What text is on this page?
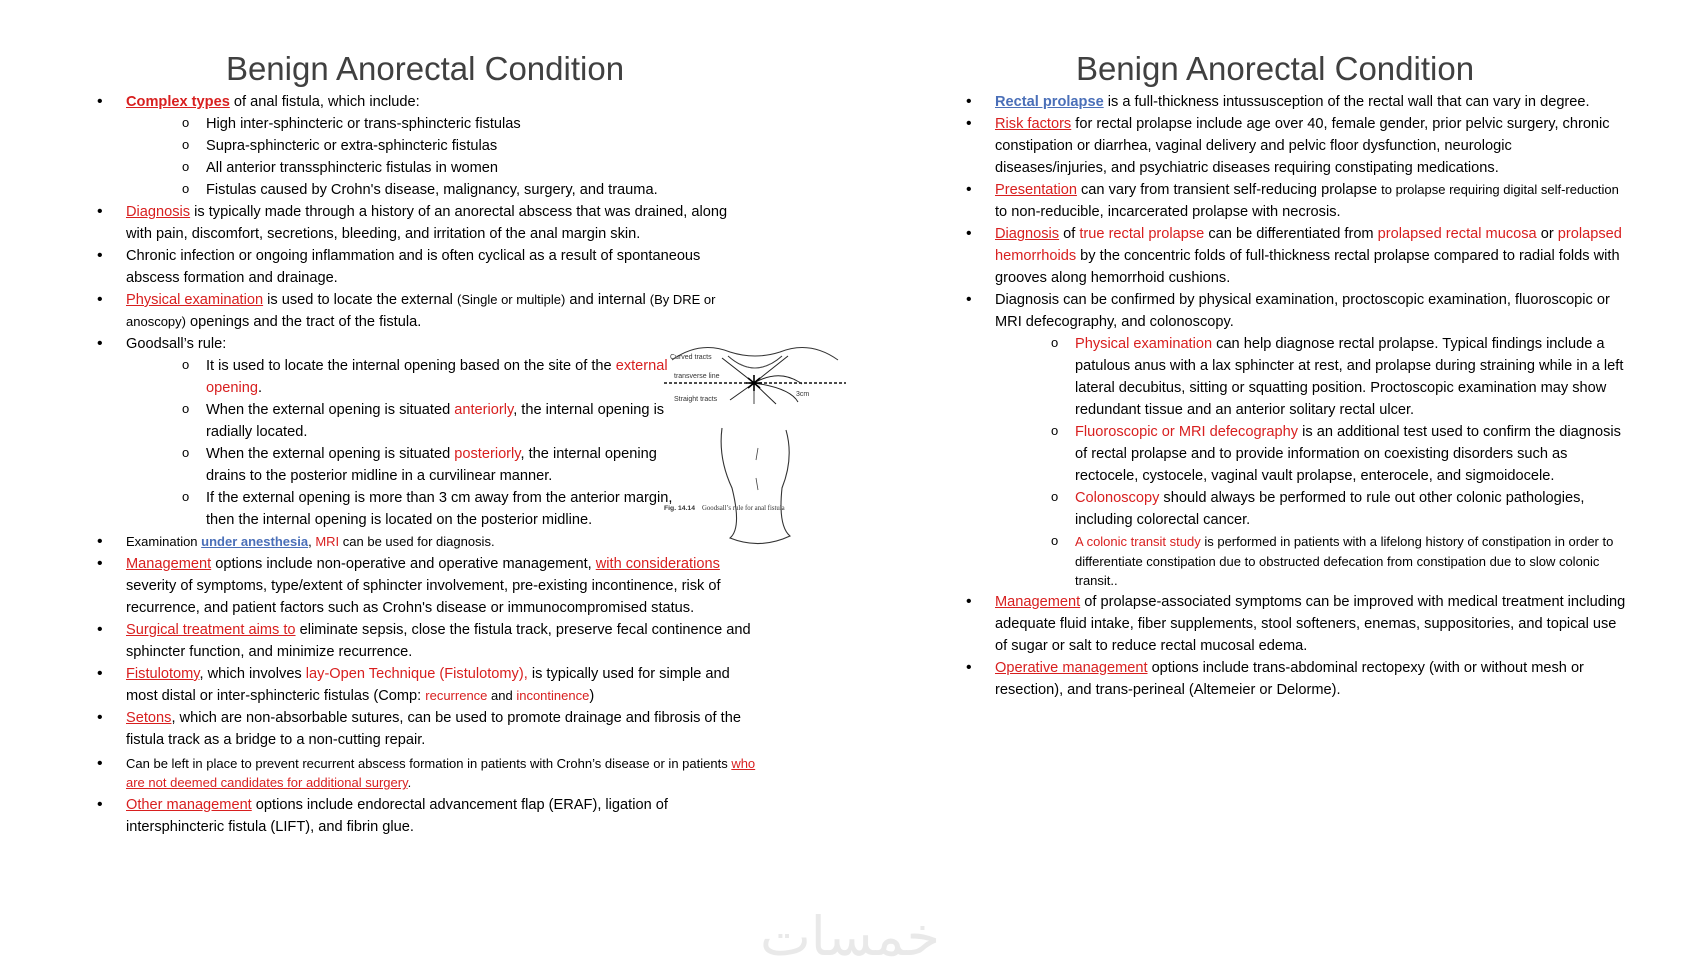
Benign Anorectal Condition
• Complex types of anal fistula, which include:
o High inter-sphincteric or trans-sphincteric fistulas
o Supra-sphincteric or extra-sphincteric fistulas
o All anterior transsphincteric fistulas in women
o Fistulas caused by Crohn's disease, malignancy, surgery, and trauma.
• Diagnosis is typically made through a history of an anorectal abscess that was drained, along with pain, discomfort, secretions, bleeding, and irritation of the anal margin skin.
• Chronic infection or ongoing inflammation and is often cyclical as a result of spontaneous abscess formation and drainage.
• Physical examination is used to locate the external (Single or multiple) and internal (By DRE or anoscopy) openings and the tract of the fistula.
• Goodsall’s rule:
o It is used to locate the internal opening based on the site of the external opening.
o When the external opening is situated anteriorly, the internal opening is radially located.
o When the external opening is situated posteriorly, the internal opening drains to the posterior midline in a curvilinear manner.
o If the external opening is more than 3 cm away from the anterior margin, then the internal opening is located on the posterior midline.
• Examination under anesthesia, MRI can be used for diagnosis.
• Management options include non-operative and operative management, with considerations severity of symptoms, type/extent of sphincter involvement, pre-existing incontinence, risk of recurrence, and patient factors such as Crohn's disease or immunocompromised status.
• Surgical treatment aims to eliminate sepsis, close the fistula track, preserve fecal continence and sphincter function, and minimize recurrence.
• Fistulotomy, which involves lay-Open Technique (Fistulotomy), is typically used for simple and most distal or inter-sphincteric fistulas (Comp: recurrence and incontinence)
• Setons, which are non-absorbable sutures, can be used to promote drainage and fibrosis of the fistula track as a bridge to a non-cutting repair.
• Can be left in place to prevent recurrent abscess formation in patients with Crohn’s disease or in patients who are not deemed candidates for additional surgery.
• Other management options include endorectal advancement flap (ERAF), ligation of intersphincteric fistula (LIFT), and fibrin glue.
Curved tracts
transverse line
Straight tracts
3cm
Fig. 14.14 Goodsall’s rule for anal fistula
Benign Anorectal Condition
• Rectal prolapse is a full-thickness intussusception of the rectal wall that can vary in degree.
• Risk factors for rectal prolapse include age over 40, female gender, prior pelvic surgery, chronic constipation or diarrhea, vaginal delivery and pelvic floor dysfunction, neurologic diseases/injuries, and psychiatric diseases requiring constipating medications.
• Presentation can vary from transient self-reducing prolapse to prolapse requiring digital self-reduction to non-reducible, incarcerated prolapse with necrosis.
• Diagnosis of true rectal prolapse can be differentiated from prolapsed rectal mucosa or prolapsed hemorrhoids by the concentric folds of full-thickness rectal prolapse compared to radial folds with grooves along hemorrhoid cushions.
• Diagnosis can be confirmed by physical examination, proctoscopic examination, fluoroscopic or MRI defecography, and colonoscopy.
o Physical examination can help diagnose rectal prolapse. Typical findings include a patulous anus with a lax sphincter at rest, and prolapse during straining while in a left lateral decubitus, sitting or squatting position. Proctoscopic examination may show redundant tissue and an anterior solitary rectal ulcer.
o Fluoroscopic or MRI defecography is an additional test used to confirm the diagnosis of rectal prolapse and to provide information on coexisting disorders such as rectocele, cystocele, vaginal vault prolapse, enterocele, and sigmoidocele.
o Colonoscopy should always be performed to rule out other colonic pathologies, including colorectal cancer.
o A colonic transit study is performed in patients with a lifelong history of constipation in order to differentiate constipation due to obstructed defecation from constipation due to slow colonic transit..
• Management of prolapse-associated symptoms can be improved with medical treatment including adequate fluid intake, fiber supplements, stool softeners, enemas, suppositories, and topical use of sugar or salt to reduce rectal mucosal edema.
• Operative management options include trans-abdominal rectopexy (with or without mesh or resection), and trans-perineal (Altemeier or Delorme).
خمسات
